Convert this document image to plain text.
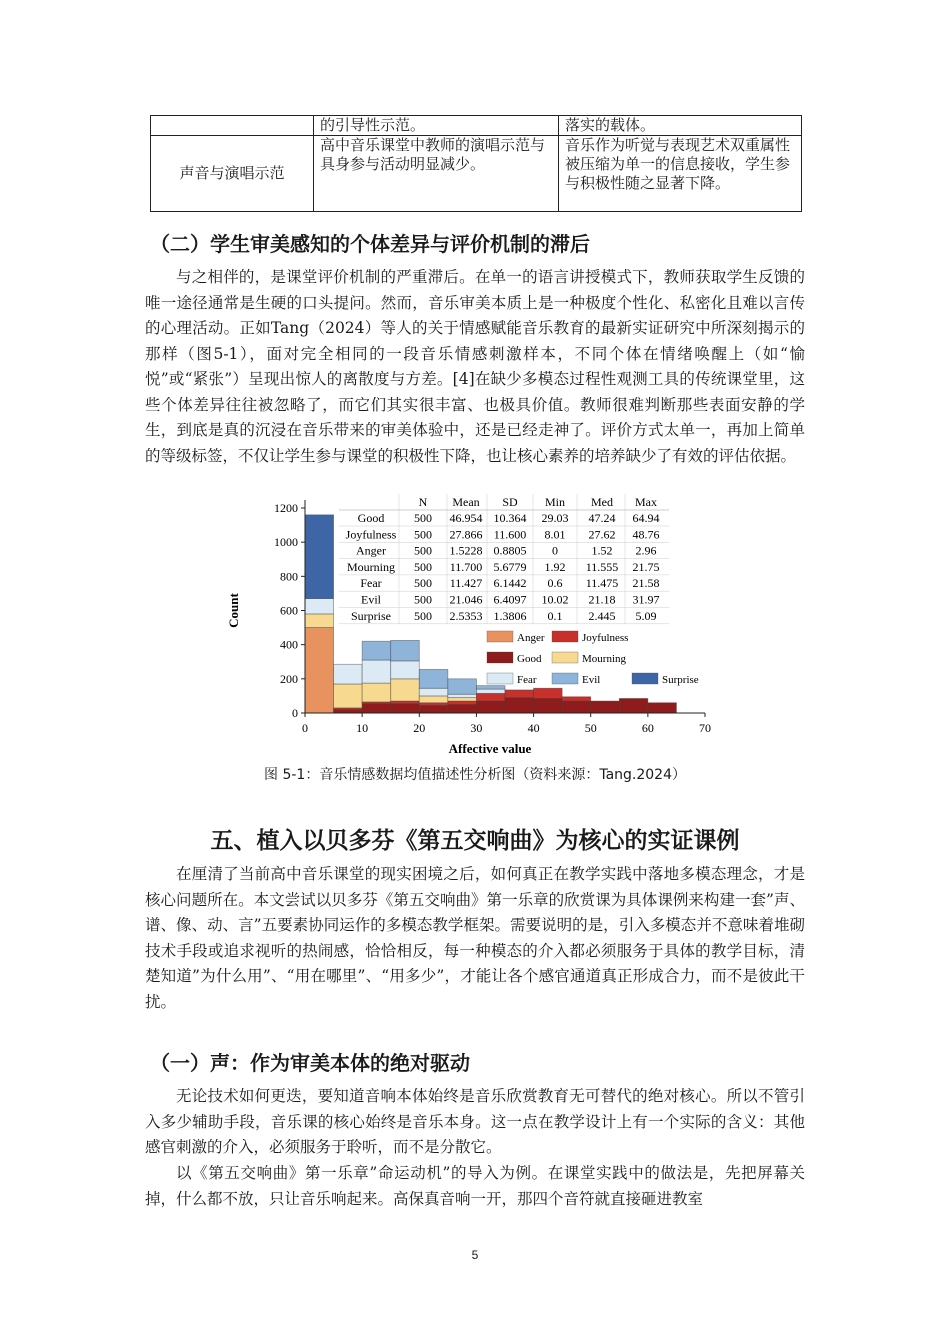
	的引导性示范。	落实的载体。
声音与演唱示范	高中音乐课堂中教师的演唱示范与具身参与活动明显减少。	音乐作为听觉与表现艺术双重属性被压缩为单一的信息接收，学生参与积极性随之显著下降。
（二）学生审美感知的个体差异与评价机制的滞后

与之相伴的，是课堂评价机制的严重滞后。在单一的语言讲授模式下，教师获取学生反馈的唯一途径通常是生硬的口头提问。然而，音乐审美本质上是一种极度个性化、私密化且难以言传的心理活动。正如Tang（2024）等人的关于情感赋能音乐教育的最新实证研究中所深刻揭示的那样（图5-1），面对完全相同的一段音乐情感刺激样本，不同个体在情绪唤醒上（如“愉悦”或“紧张”）呈现出惊人的离散度与方差。[4]在缺少多模态过程性观测工具的传统课堂里，这些个体差异往往被忽略了，而它们其实很丰富、也极具价值。教师很难判断那些表面安静的学生，到底是真的沉浸在音乐带来的审美体验中，还是已经走神了。评价方式太单一，再加上简单的等级标签，不仅让学生参与课堂的积极性下降，也让核心素养的培养缺少了有效的评估依据。

0	10	20	30	40	50	60	70
0
200
400
600
800
1000
1200
Affective value
Count
N Mean SD Min Med Max
Good 500 46.954 10.364 29.03 47.24 64.94
Joyfulness 500 27.866 11.600 8.01 27.62 48.76
Anger 500 1.5228 0.8805 0	1.52 2.96
Mourning 500 11.700 5.6779 1.92 11.555 21.75
Fear	500 11.427 6.1442 0.6 11.475 21.58
Evil	500 21.046 6.4097 10.02 21.18 31.97
Surprise 500 2.5353 1.3806 0.1 2.445 5.09
Anger	Joyfulness
Good	Mourning
Fear	Evil	Surprise
图 5-1：音乐情感数据均值描述性分析图（资料来源：Tang.2024）
五、植入以贝多芬《第五交响曲》为核心的实证课例

在厘清了当前高中音乐课堂的现实困境之后，如何真正在教学实践中落地多模态理念，才是核心问题所在。本文尝试以贝多芬《第五交响曲》第一乐章的欣赏课为具体课例来构建一套”声、谱、像、动、言”五要素协同运作的多模态教学框架。需要说明的是，引入多模态并不意味着堆砌技术手段或追求视听的热闹感，恰恰相反，每一种模态的介入都必须服务于具体的教学目标，清楚知道”为什么用”、“用在哪里”、“用多少”，才能让各个感官通道真正形成合力，而不是彼此干扰。

（一）声：作为审美本体的绝对驱动

无论技术如何更迭，要知道音响本体始终是音乐欣赏教育无可替代的绝对核心。所以不管引入多少辅助手段，音乐课的核心始终是音乐本身。这一点在教学设计上有一个实际的含义：其他感官刺激的介入，必须服务于聆听，而不是分散它。

以《第五交响曲》第一乐章”命运动机”的导入为例。在课堂实践中的做法是，先把屏幕关掉，什么都不放，只让音乐响起来。高保真音响一开，那四个音符就直接砸进教室

5
